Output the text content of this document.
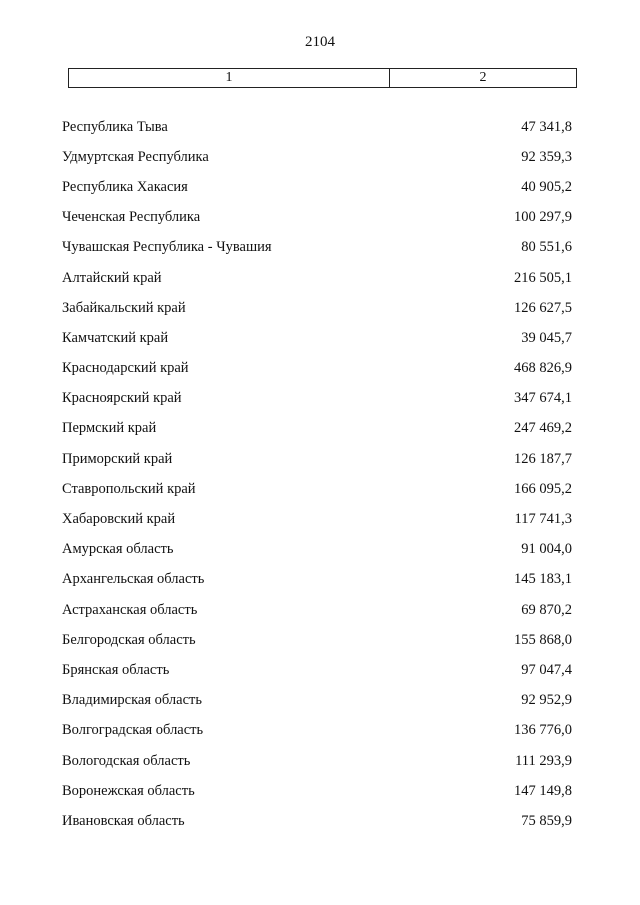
2104
1	2
Республика Тыва	47 341,8
Удмуртская Республика	92 359,3
Республика Хакасия	40 905,2
Чеченская Республика	100 297,9
Чувашская Республика - Чувашия	80 551,6
Алтайский край	216 505,1
Забайкальский край	126 627,5
Камчатский край	39 045,7
Краснодарский край	468 826,9
Красноярский край	347 674,1
Пермский край	247 469,2
Приморский край	126 187,7
Ставропольский край	166 095,2
Хабаровский край	117 741,3
Амурская область	91 004,0
Архангельская область	145 183,1
Астраханская область	69 870,2
Белгородская область	155 868,0
Брянская область	97 047,4
Владимирская область	92 952,9
Волгоградская область	136 776,0
Вологодская область	111 293,9
Воронежская область	147 149,8
Ивановская область	75 859,9
